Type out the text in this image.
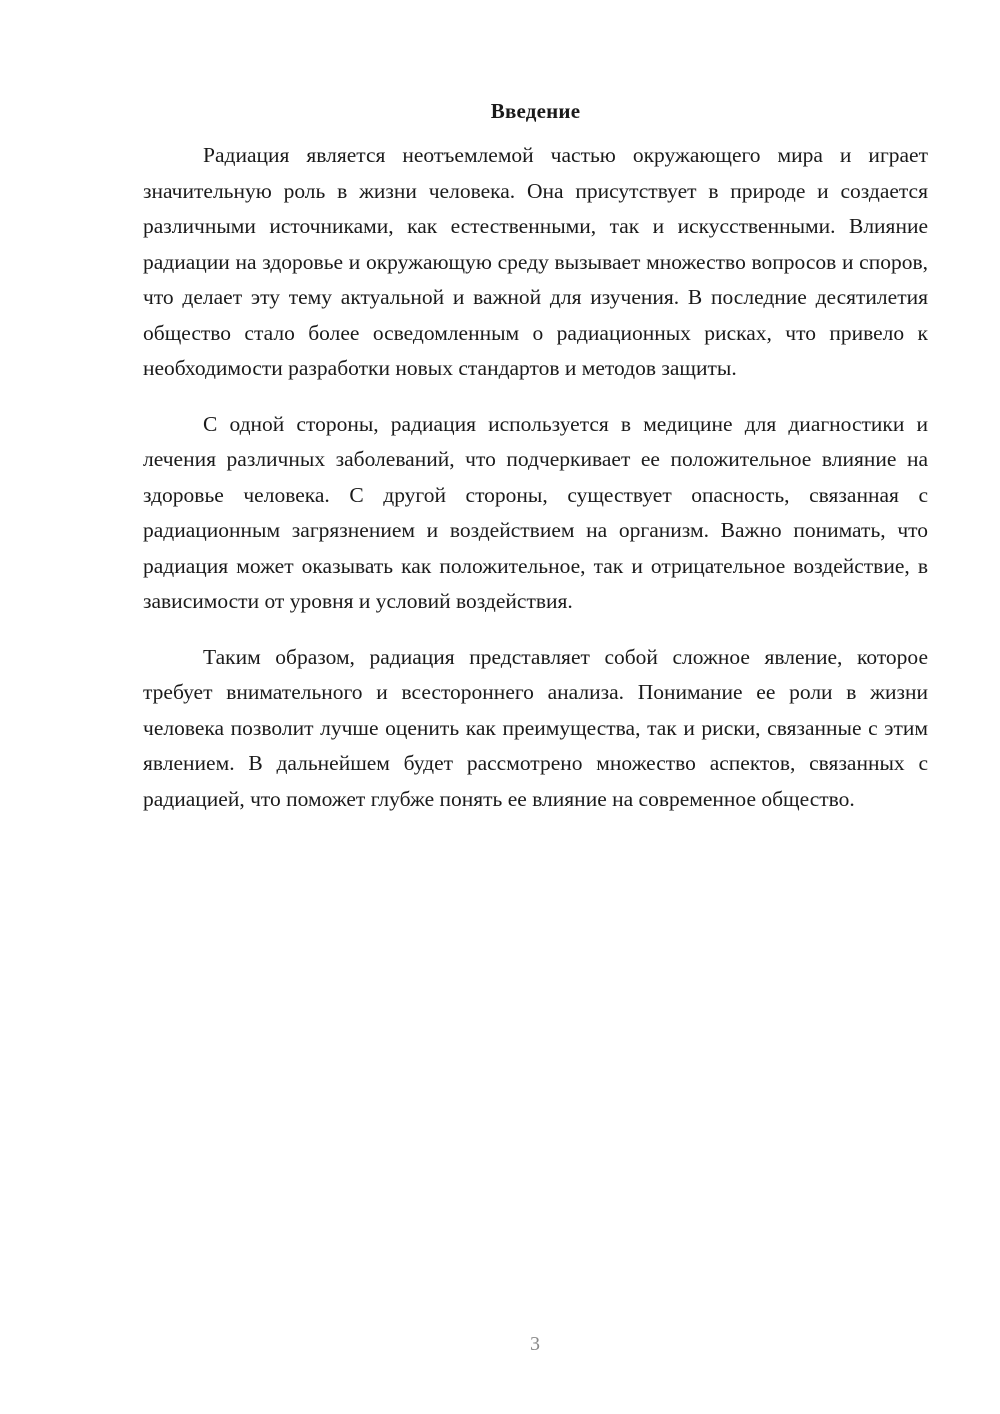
Введение

Радиация является неотъемлемой частью окружающего мира и играет значительную роль в жизни человека. Она присутствует в природе и создается различными источниками, как естественными, так и искусственными. Влияние радиации на здоровье и окружающую среду вызывает множество вопросов и споров, что делает эту тему актуальной и важной для изучения. В последние десятилетия общество стало более осведомленным о радиационных рисках, что привело к необходимости разработки новых стандартов и методов защиты.

С одной стороны, радиация используется в медицине для диагностики и лечения различных заболеваний, что подчеркивает ее положительное влияние на здоровье человека. С другой стороны, существует опасность, связанная с радиационным загрязнением и воздействием на организм. Важно понимать, что радиация может оказывать как положительное, так и отрицательное воздействие, в зависимости от уровня и условий воздействия.

Таким образом, радиация представляет собой сложное явление, которое требует внимательного и всестороннего анализа. Понимание ее роли в жизни человека позволит лучше оценить как преимущества, так и риски, связанные с этим явлением. В дальнейшем будет рассмотрено множество аспектов, связанных с радиацией, что поможет глубже понять ее влияние на современное общество.

3
